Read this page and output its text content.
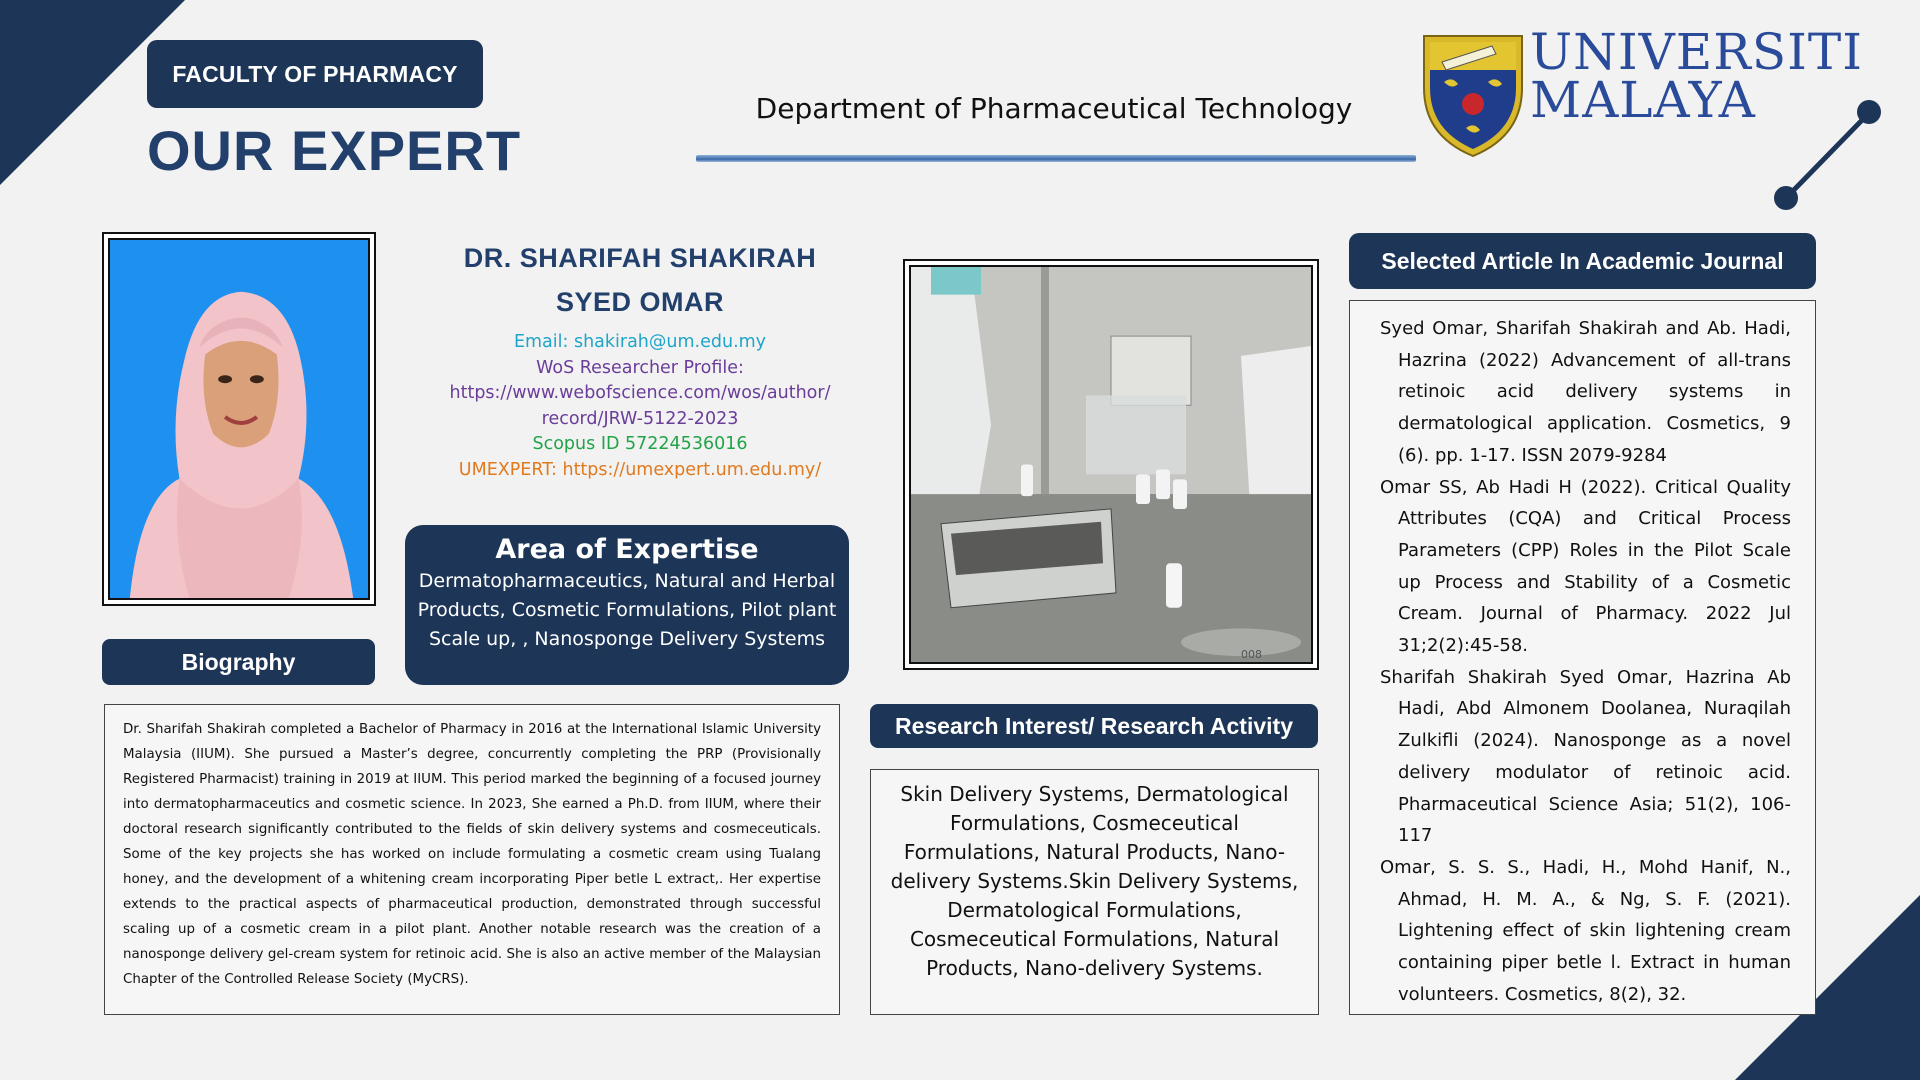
FACULTY OF PHARMACY
OUR EXPERT
Department of Pharmaceutical Technology
UNIVERSITI
MALAYA
Biography
DR. SHARIFAH SHAKIRAH
SYED OMAR
Email: shakirah@um.edu.my
WoS Researcher Profile:
https://www.webofscience.com/wos/author/
record/JRW-5122-2023
Scopus ID 57224536016
UMEXPERT: https://umexpert.um.edu.my/
Area of Expertise
Dermatopharmaceutics, Natural and Herbal Products, Cosmetic Formulations, Pilot plant Scale up, , Nanosponge Delivery Systems
Dr. Sharifah Shakirah completed a Bachelor of Pharmacy in 2016 at the International Islamic University Malaysia (IIUM). She pursued a Master’s degree, concurrently completing the PRP (Provisionally Registered Pharmacist) training in 2019 at IIUM. This period marked the beginning of a focused journey into dermatopharmaceutics and cosmetic science. In 2023, She earned a Ph.D. from IIUM, where their doctoral research significantly contributed to the fields of skin delivery systems and cosmeceuticals. Some of the key projects she has worked on include formulating a cosmetic cream using Tualang honey, and the development of a whitening cream incorporating Piper betle L extract,. Her expertise extends to the practical aspects of pharmaceutical production, demonstrated through successful scaling up of a cosmetic cream in a pilot plant. Another notable research was the creation of a nanosponge delivery gel-cream system for retinoic acid. She is also an active member of the Malaysian Chapter of the Controlled Release Society (MyCRS).
008
Research Interest/ Research Activity
Skin Delivery Systems, Dermatological Formulations, Cosmeceutical Formulations, Natural Products, Nano-delivery Systems.Skin Delivery Systems, Dermatological Formulations, Cosmeceutical Formulations, Natural Products, Nano-delivery Systems.
Selected Article In Academic Journal
Syed Omar, Sharifah Shakirah and Ab. Hadi, Hazrina (2022) Advancement of all-trans retinoic acid delivery systems in dermatological application. Cosmetics, 9 (6). pp. 1-17. ISSN 2079-9284
Omar SS, Ab Hadi H (2022). Critical Quality Attributes (CQA) and Critical Process Parameters (CPP) Roles in the Pilot Scale up Process and Stability of a Cosmetic Cream. Journal of Pharmacy. 2022 Jul 31;2(2):45-58.
Sharifah Shakirah Syed Omar, Hazrina Ab Hadi, Abd Almonem Doolanea, Nuraqilah Zulkifli (2024). Nanosponge as a novel delivery modulator of retinoic acid. Pharmaceutical Science Asia; 51(2), 106-117
Omar, S. S. S., Hadi, H., Mohd Hanif, N., Ahmad, H. M. A., & Ng, S. F. (2021). Lightening effect of skin lightening cream containing piper betle l. Extract in human volunteers. Cosmetics, 8(2), 32.
